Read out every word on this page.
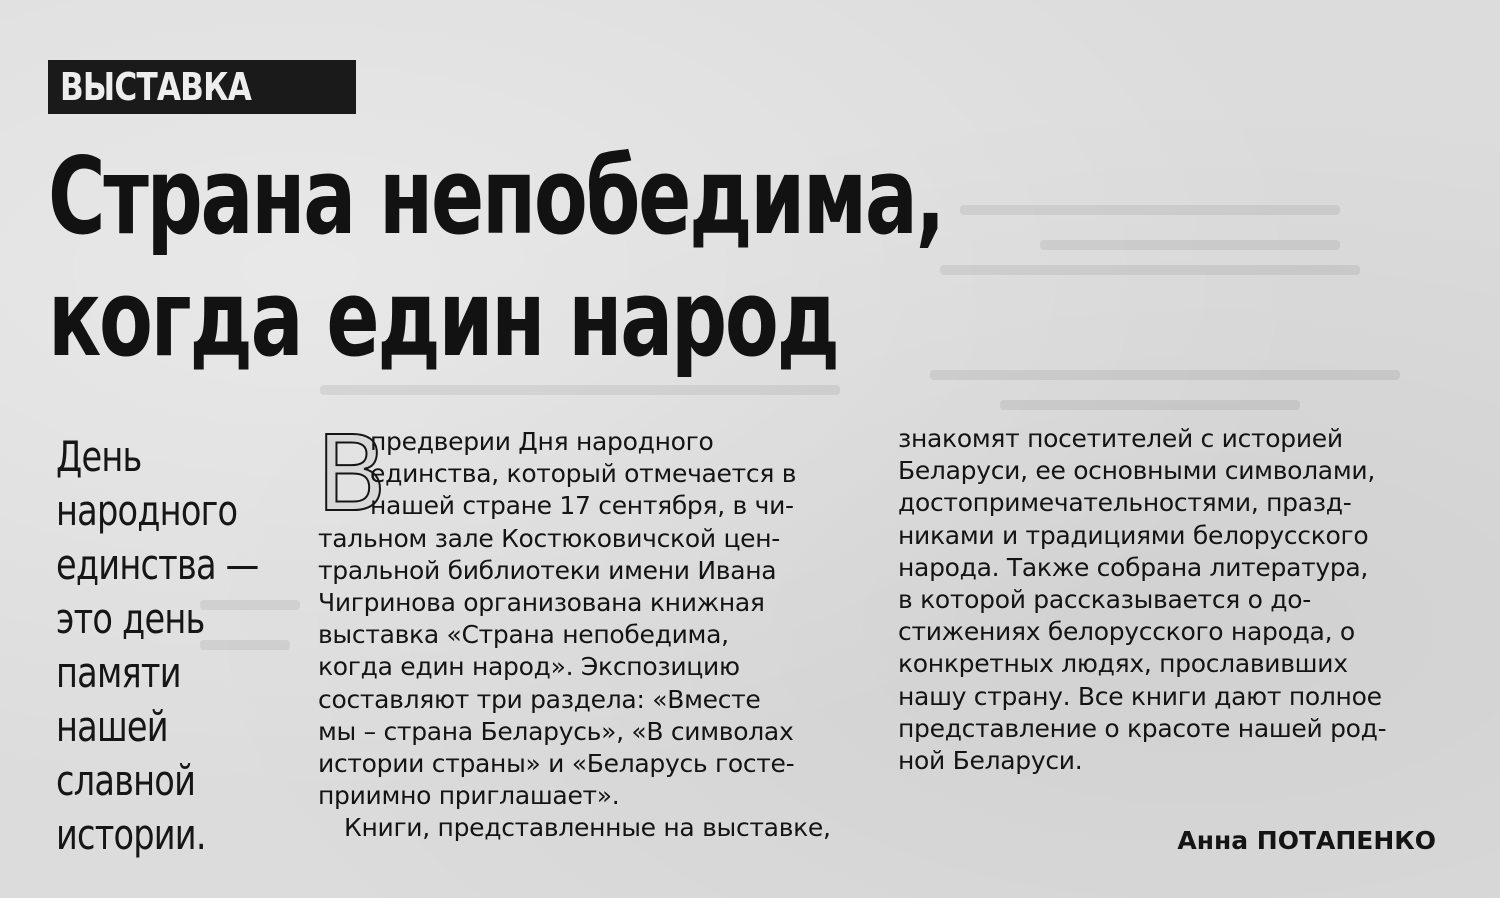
ВЫСТАВКА
Страна непобедима,
когда един народ
День
народного
единства —
это день
памяти
нашей
славной
истории.
В
предверии Дня народного
единства, который отмечается в
нашей стране 17 сентября, в чи-
тальном зале Костюковичской цен-
тральной библиотеки имени Ивана
Чигринова организована книжная
выставка «Страна непобедима,
когда един народ». Экспозицию
составляют три раздела: «Вместе
мы – страна Беларусь», «В символах
истории страны» и «Беларусь госте-
приимно приглашает».
Книги, представленные на выставке,
знакомят посетителей с историей
Беларуси, ее основными символами,
достопримечательностями, празд-
никами и традициями белорусского
народа. Также собрана литература,
в которой рассказывается о до-
стижениях белорусского народа, о
конкретных людях, прославивших
нашу страну. Все книги дают полное
представление о красоте нашей род-
ной Беларуси.
Анна ПОТАПЕНКО
